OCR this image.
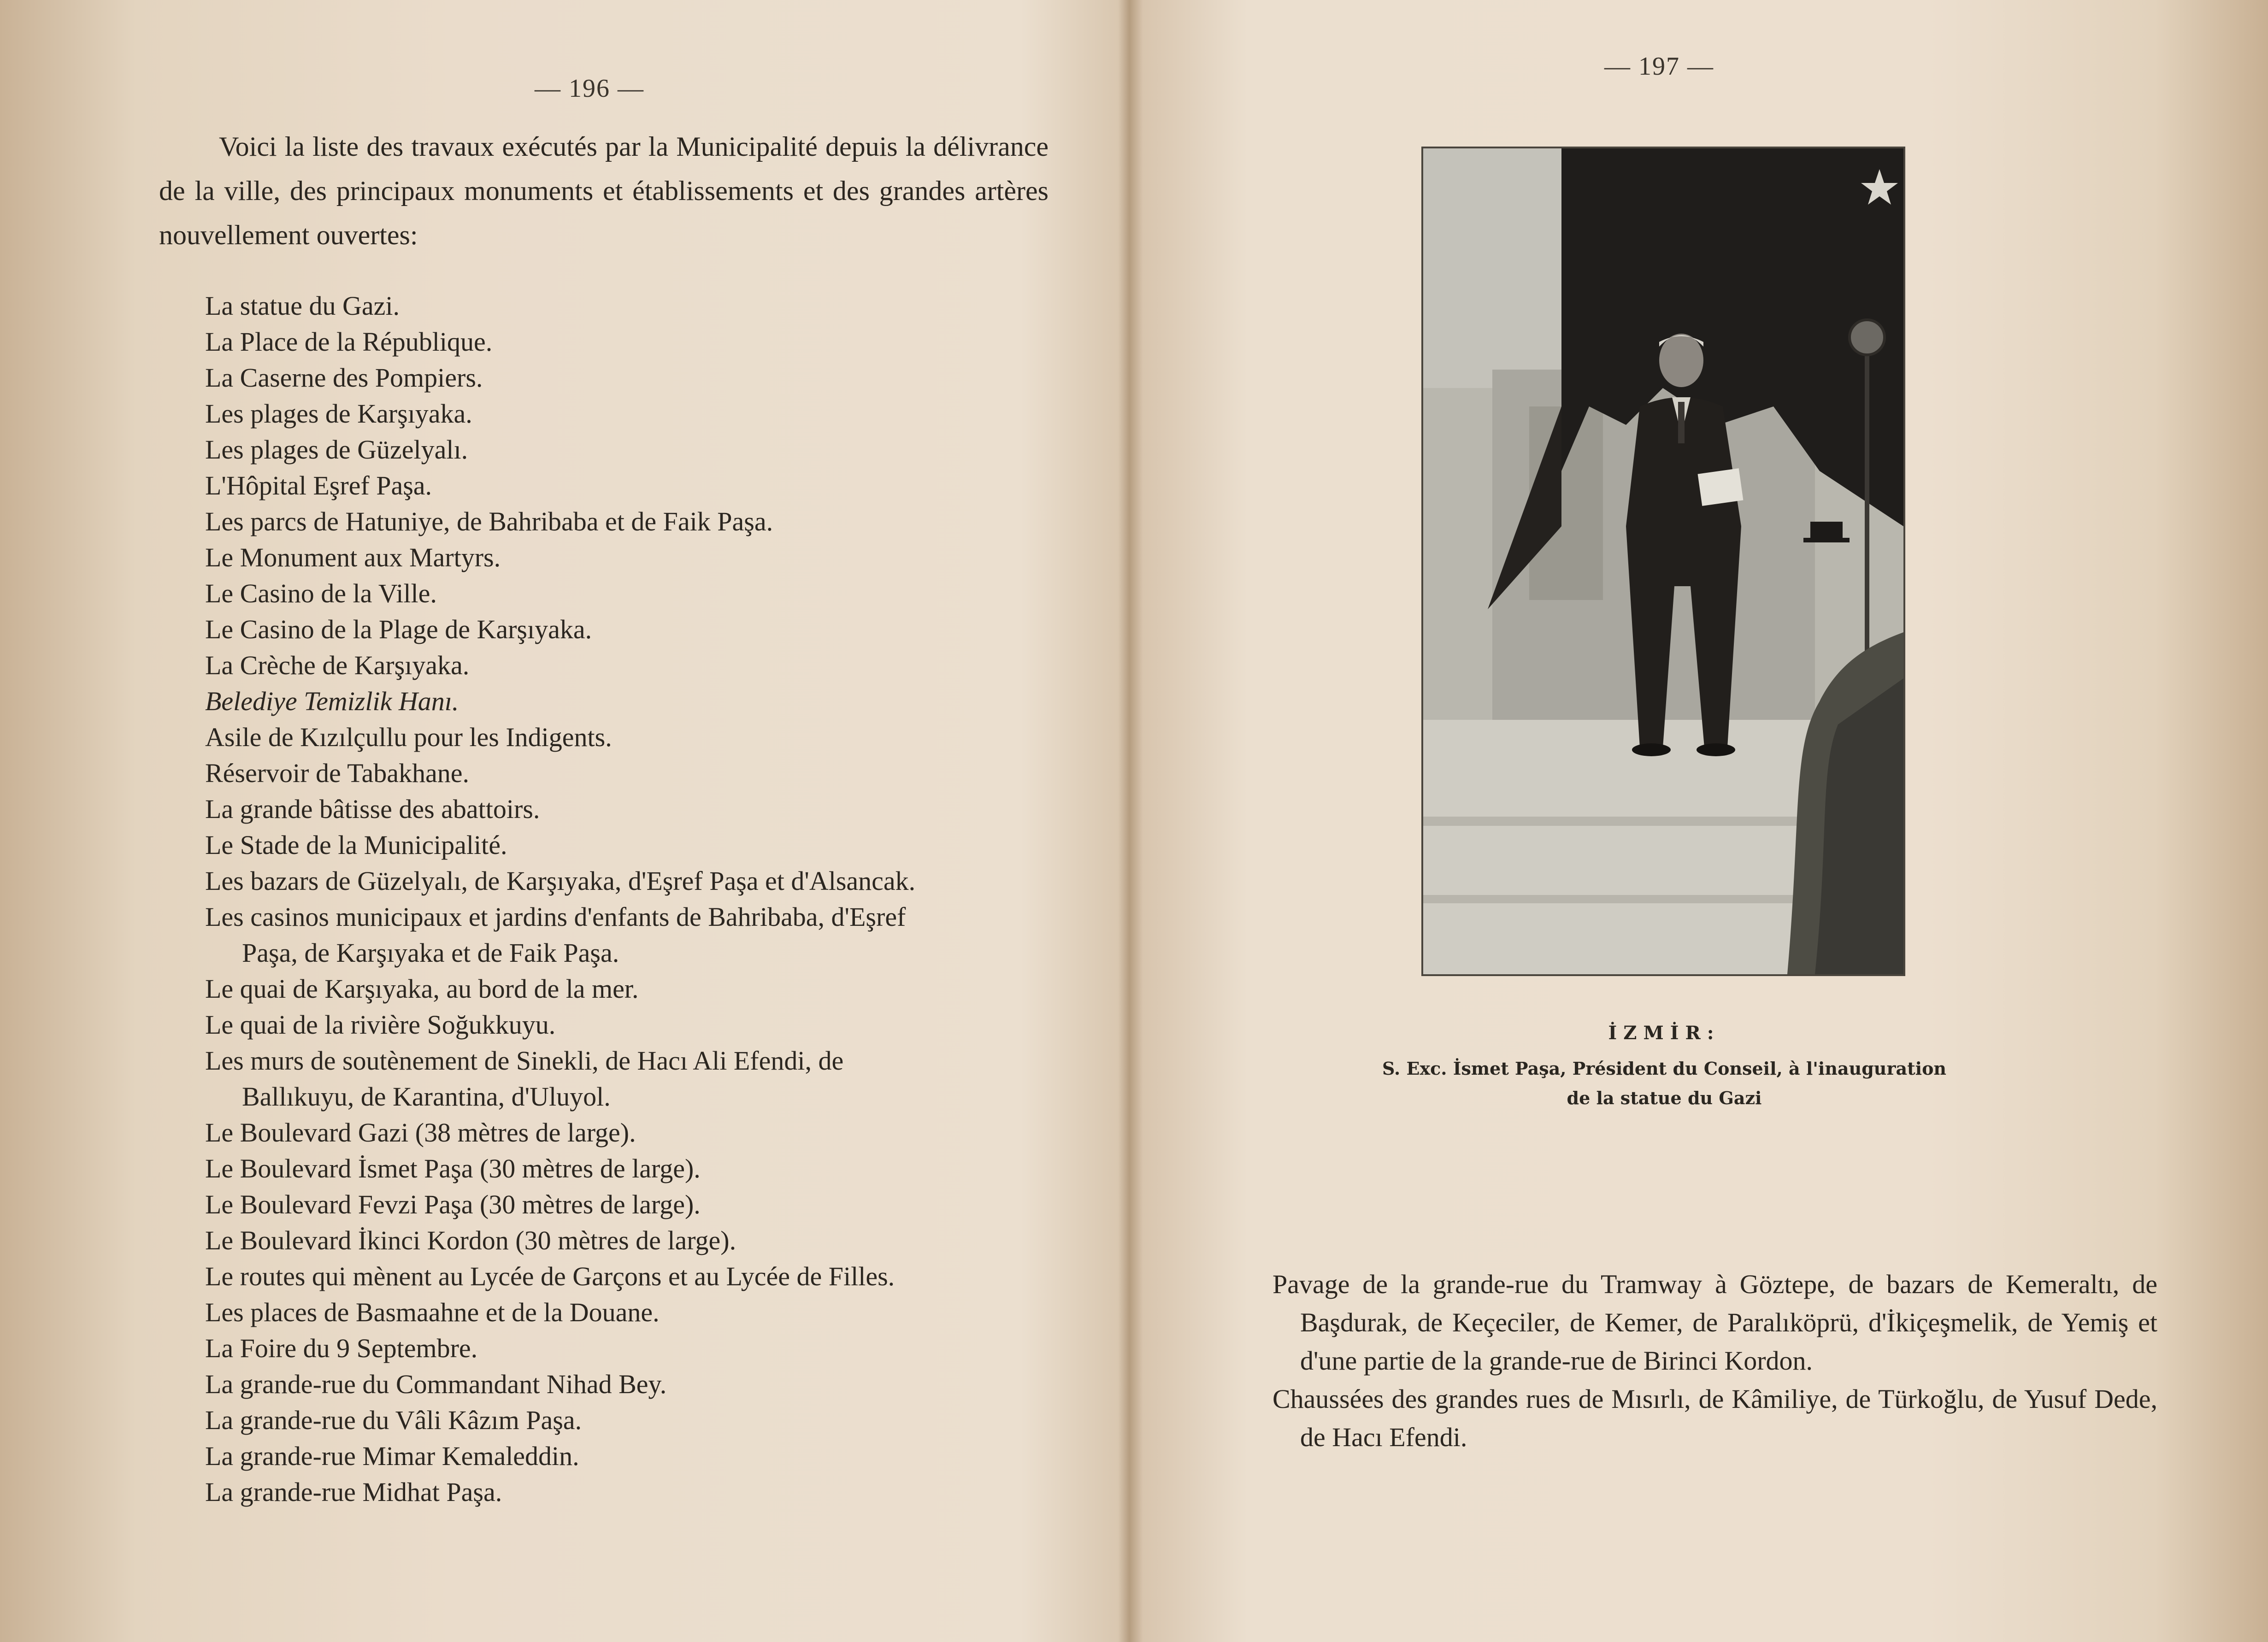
— 196 —

Voici la liste des travaux exécutés par la Municipalité depuis la délivrance de la ville, des principaux monuments et établissements et des grandes artères nouvellement ouvertes:

La statue du Gazi.
La Place de la République.
La Caserne des Pompiers.
Les plages de Karşıyaka.
Les plages de Güzelyalı.
L'Hôpital Eşref Paşa.
Les parcs de Hatuniye, de Bahribaba et de Faik Paşa.
Le Monument aux Martyrs.
Le Casino de la Ville.
Le Casino de la Plage de Karşıyaka.
La Crèche de Karşıyaka.
Belediye Temizlik Hanı.
Asile de Kızılçullu pour les Indigents.
Réservoir de Tabakhane.
La grande bâtisse des abattoirs.
Le Stade de la Municipalité.
Les bazars de Güzelyalı, de Karşıyaka, d'Eşref Paşa et d'Alsancak.
Les casinos municipaux et jardins d'enfants de Bahribaba, d'Eşref
Paşa, de Karşıyaka et de Faik Paşa.
Le quai de Karşıyaka, au bord de la mer.
Le quai de la rivière Soğukkuyu.
Les murs de soutènement de Sinekli, de Hacı Ali Efendi, de
Ballıkuyu, de Karantina, d'Uluyol.
Le Boulevard Gazi (38 mètres de large).
Le Boulevard İsmet Paşa (30 mètres de large).
Le Boulevard Fevzi Paşa (30 mètres de large).
Le Boulevard İkinci Kordon (30 mètres de large).
Le routes qui mènent au Lycée de Garçons et au Lycée de Filles.
Les places de Basmaahne et de la Douane.
La Foire du 9 Septembre.
La grande-rue du Commandant Nihad Bey.
La grande-rue du Vâli Kâzım Paşa.
La grande-rue Mimar Kemaleddin.
La grande-rue Midhat Paşa.
— 197 —
İZMİR:
S. Exc. İsmet Paşa, Président du Conseil, à l'inauguration
de la statue du Gazi

Pavage de la grande-rue du Tramway à Göztepe, de bazars de Kemeraltı, de Başdurak, de Keçeciler, de Kemer, de Paralıköprü, d'İkiçeşmelik, de Yemiş et d'une partie de la grande-rue de Birinci Kordon.

Chaussées des grandes rues de Mısırlı, de Kâmiliye, de Türkoğlu, de Yusuf Dede, de Hacı Efendi.
